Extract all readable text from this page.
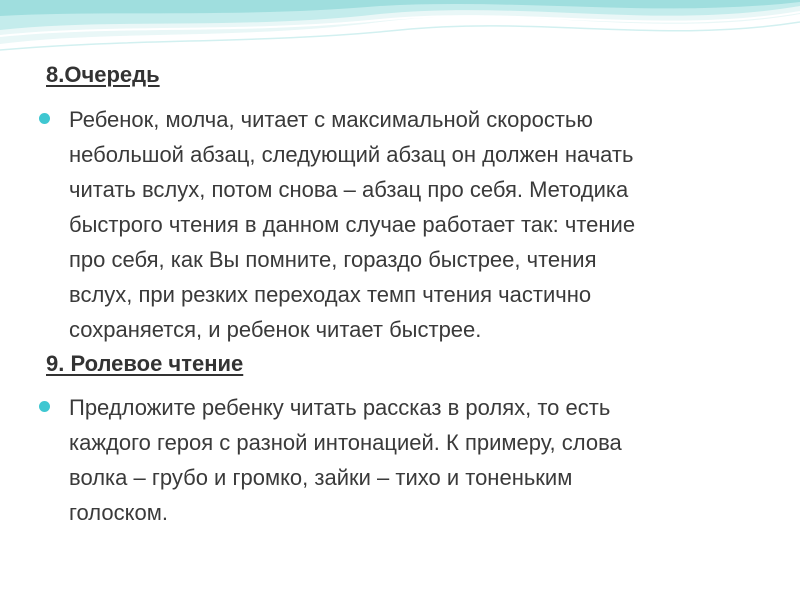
8.Очередь
Ребенок, молча, читает с максимальной скоростью
небольшой абзац, следующий абзац он должен начать
читать вслух, потом снова – абзац про себя. Методика
быстрого чтения в данном случае работает так: чтение
про себя, как Вы помните, гораздо быстрее, чтения
вслух, при резких переходах темп чтения частично
сохраняется, и ребенок читает быстрее.
9. Ролевое чтение
Предложите ребенку читать рассказ в ролях, то есть
каждого героя с разной интонацией. К примеру, слова
волка – грубо и громко, зайки – тихо и тоненьким
голоском.
